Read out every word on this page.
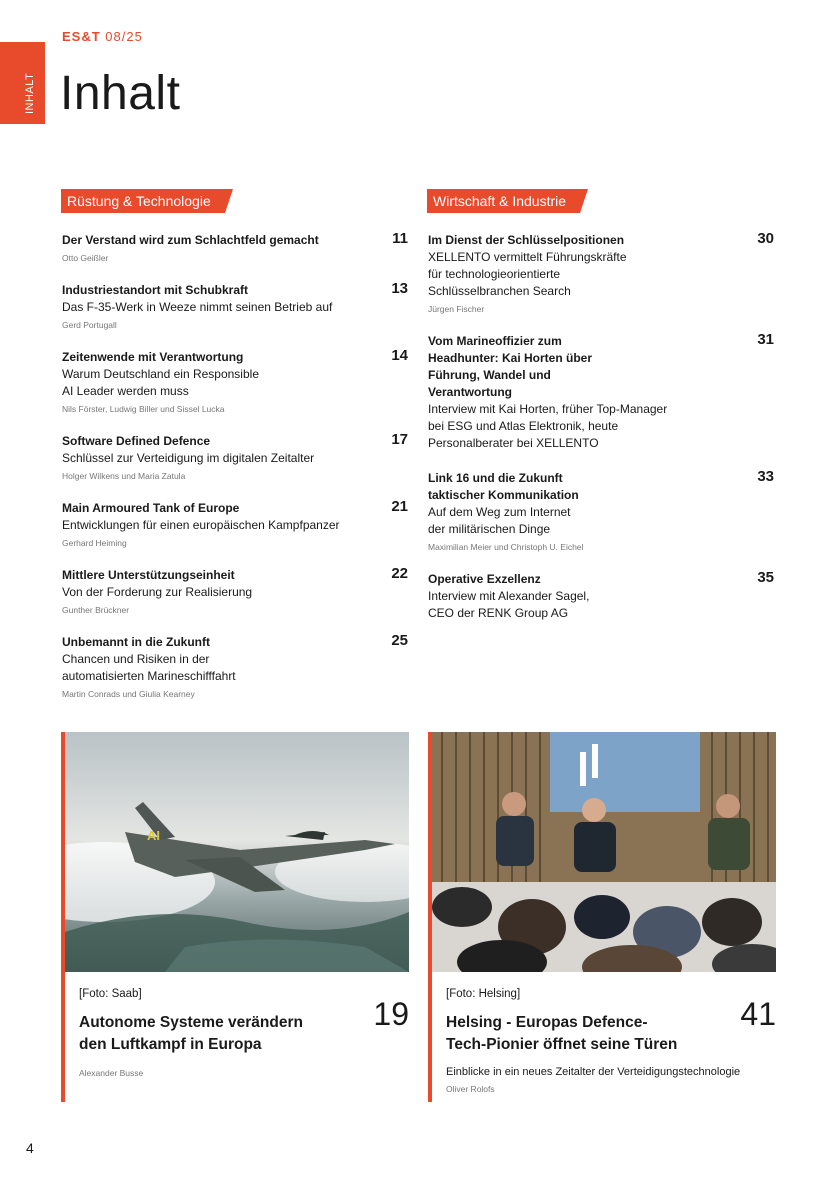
INHALT
ES&T 08/25
Inhalt
Rüstung & Technologie	Wirtschaft & Industrie
Der Verstand wird zum Schlachtfeld gemacht
Otto Geißler
11
Industriestandort mit Schubkraft
Das F-35-Werk in Weeze nimmt seinen Betrieb auf
Gerd Portugall
13
Zeitenwende mit Verantwortung
Warum Deutschland ein Responsible AI Leader werden muss
Nils Förster, Ludwig Biller und Sissel Lucka
14
Software Defined Defence
Schlüssel zur Verteidigung im digitalen Zeitalter
Holger Wilkens und Maria Zatula
17
Main Armoured Tank of Europe
Entwicklungen für einen europäischen Kampfpanzer
Gerhard Heiming
21
Mittlere Unterstützungseinheit
Von der Forderung zur Realisierung
Gunther Brückner
22
Unbemannt in die Zukunft
Chancen und Risiken in der automatisierten Marineschifffahrt
Martin Conrads und Giulia Kearney
25
Im Dienst der Schlüsselpositionen
XELLENTO vermittelt Führungskräfte für technologieorientierte Schlüsselbranchen Search
Jürgen Fischer
30
Vom Marineoffizier zum Headhunter: Kai Horten über Führung, Wandel und Verantwortung
Interview mit Kai Horten, früher Top-Manager bei ESG und Atlas Elektronik, heute Personalberater bei XELLENTO
31
Link 16 und die Zukunft taktischer Kommunikation
Auf dem Weg zum Internet der militärischen Dinge
Maximilian Meier und Christoph U. Eichel
33
Operative Exzellenz
Interview mit Alexander Sagel, CEO der RENK Group AG
35
AI
[Foto: Saab]
Autonome Systeme verändern den Luftkampf in Europa
19
Alexander Busse
[Foto: Helsing]
Helsing - Europas Defence-Tech-Pionier öffnet seine Türen
41
Einblicke in ein neues Zeitalter der Verteidigungstechnologie
Oliver Rolofs
4
